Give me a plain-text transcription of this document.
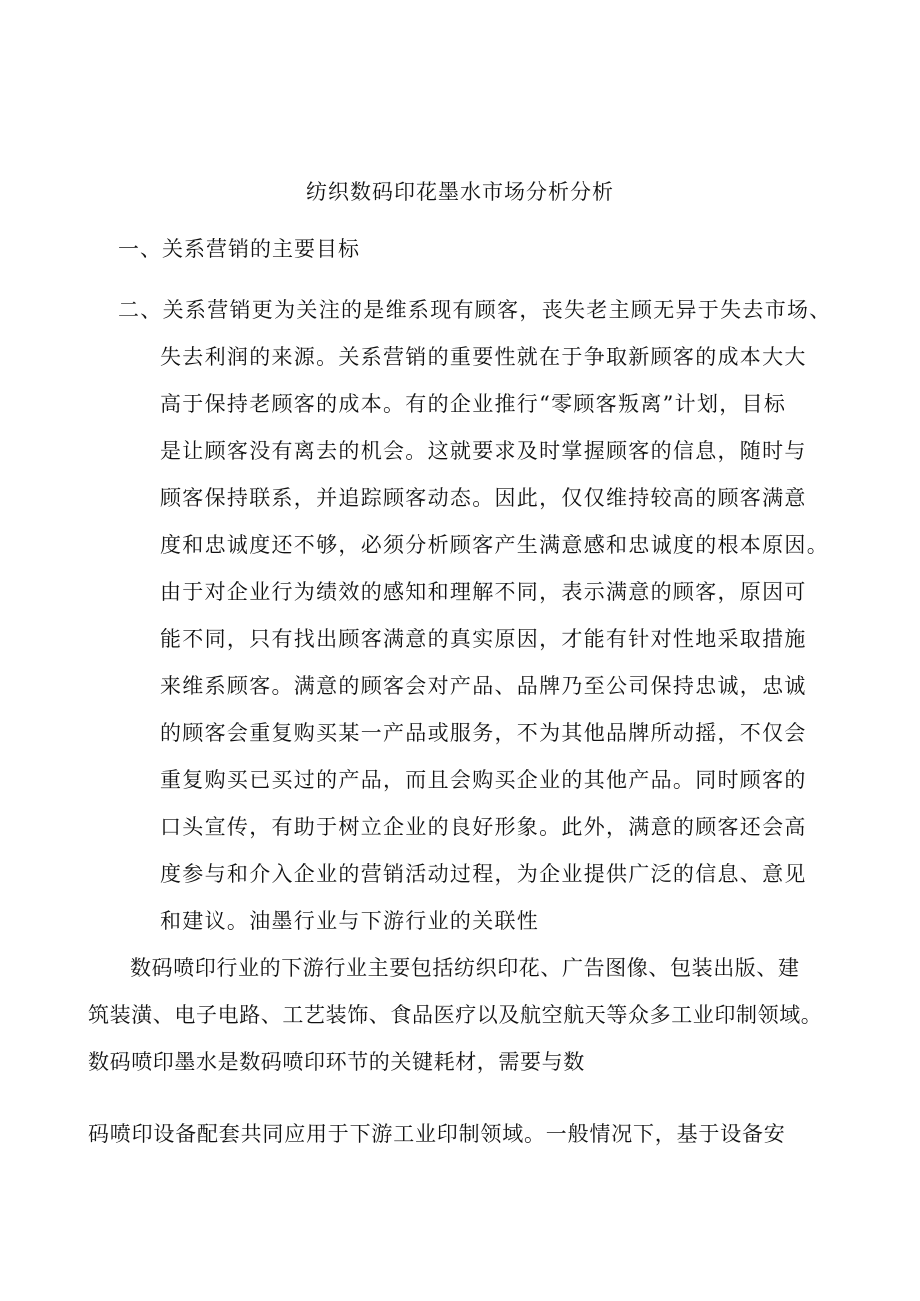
纺织数码印花墨水市场分析分析
一、关系营销的主要目标
二、关系营销更为关注的是维系现有顾客，丧失老主顾无异于失去市场、
失去利润的来源。关系营销的重要性就在于争取新顾客的成本大大
高于保持老顾客的成本。有的企业推行“零顾客叛离”计划，目标
是让顾客没有离去的机会。这就要求及时掌握顾客的信息，随时与
顾客保持联系，并追踪顾客动态。因此，仅仅维持较高的顾客满意
度和忠诚度还不够，必须分析顾客产生满意感和忠诚度的根本原因。
由于对企业行为绩效的感知和理解不同，表示满意的顾客，原因可
能不同，只有找出顾客满意的真实原因，才能有针对性地采取措施
来维系顾客。满意的顾客会对产品、品牌乃至公司保持忠诚，忠诚
的顾客会重复购买某一产品或服务，不为其他品牌所动摇，不仅会
重复购买已买过的产品，而且会购买企业的其他产品。同时顾客的
口头宣传，有助于树立企业的良好形象。此外，满意的顾客还会高
度参与和介入企业的营销活动过程，为企业提供广泛的信息、意见
和建议。油墨行业与下游行业的关联性
数码喷印行业的下游行业主要包括纺织印花、广告图像、包装出版、建
筑装潢、电子电路、工艺装饰、食品医疗以及航空航天等众多工业印制领域。
数码喷印墨水是数码喷印环节的关键耗材，需要与数
码喷印设备配套共同应用于下游工业印制领域。一般情况下，基于设备安
